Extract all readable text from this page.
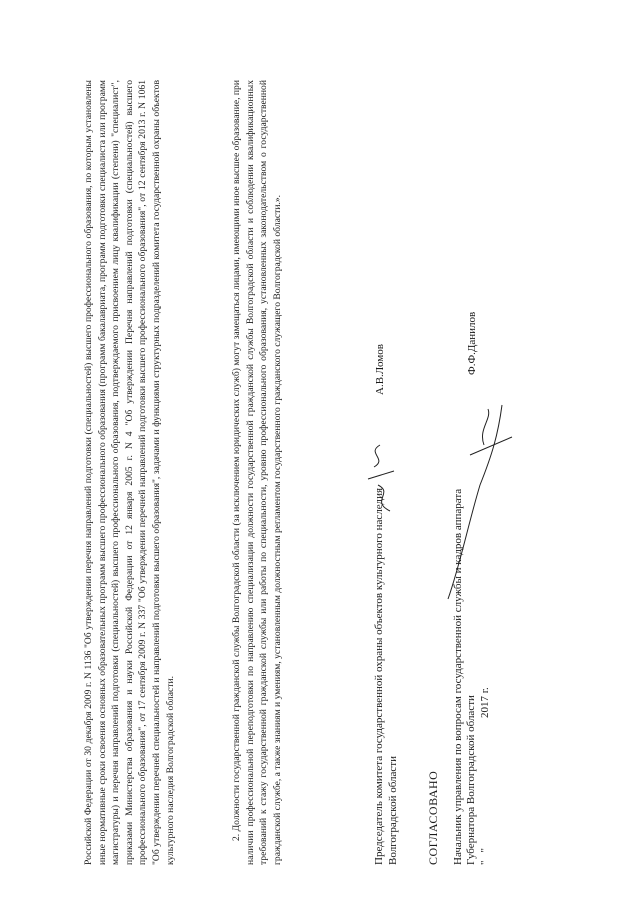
Российской Федерации от 30 декабря 2009 г. N 1136 "Об утверждении перечня направлений подготовки (специальностей) высшего профессионального образования, по которым установлены иные нормативные сроки освоения основных образовательных программ высшего профессионального образования (программ бакалавриата, программ подготовки специалиста или программ магистратуры) и перечня направлений подготовки (специальностей) высшего профессионального образования, подтверждаемого присвоением лицу квалификации (степени) "специалист", приказами Министерства образования и науки Российской Федерации от 12 января 2005 г. N 4 "Об утверждении Перечня направлений подготовки (специальностей) высшего профессионального образования", от 17 сентября 2009 г. N 337 "Об утверждении перечней направлений подготовки высшего профессионального образования", от 12 сентября 2013 г. N 1061 "Об утверждении перечней специальностей и направлений подготовки высшего образования", задачами и функциями структурных подразделений комитета государственной охраны объектов культурного наследия Волгоградской области.	2. Должности государственной гражданской службы Волгоградской области (за исключением юридических служб) могут замещаться лицами, имеющими иное высшее образование, при наличии профессиональной переподготовки по направлению специализации должности государственной гражданской службы Волгоградской области и соблюдении квалификационных требований к стажу государственной гражданской службы или работы по специальности, уровню профессионального образования, установленных законодательством о государственной гражданской службе, а также знаниям и умениям, установленным должностным регламентом государственного гражданского служащего Волгоградской области.».	Председатель комитета государственной охраны объектов культурного наследия Волгоградской области
А.В.Ломов
СОГЛАСОВАНО Начальник управления по вопросам государственной службы и кадров аппарата Губернатора Волгоградской области
Ф.Ф.Данилов
""2017 г.
